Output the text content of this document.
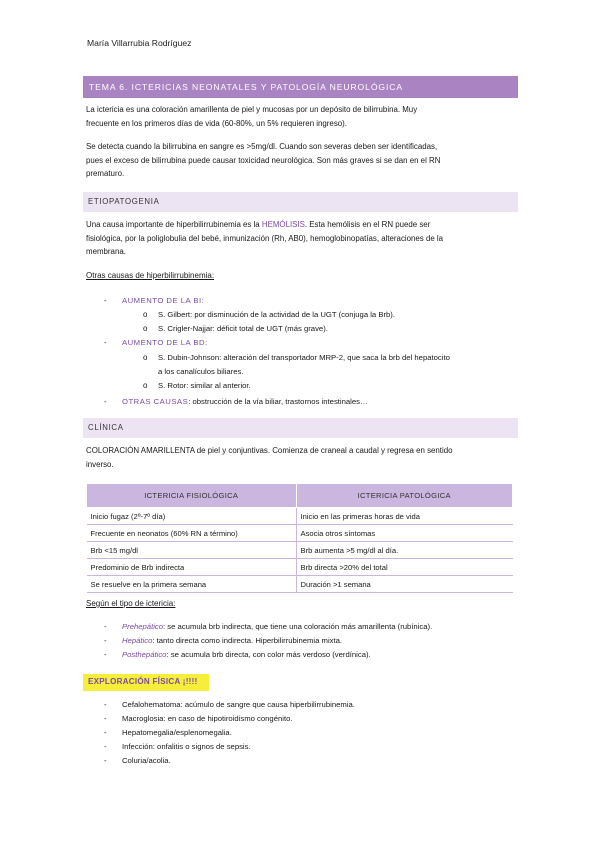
María Villarrubia Rodríguez
TEMA 6. ICTERICIAS NEONATALES Y PATOLOGÍA NEUROLÓGICA
La ictericia es una coloración amarillenta de piel y mucosas por un depósito de bilirrubina. Muy
frecuente en los primeros días de vida (60-80%, un 5% requieren ingreso).
Se detecta cuando la bilirrubina en sangre es >5mg/dl. Cuando son severas deben ser identificadas,
pues el exceso de bilirrubina puede causar toxicidad neurológica. Son más graves si se dan en el RN
prematuro.
ETIOPATOGENIA
Una causa importante de hiperbilirrubinemia es la HEMÓLISIS. Esta hemólisis en el RN puede ser
fisiológica, por la poliglobulia del bebé, inmunización (Rh, AB0), hemoglobinopatías, alteraciones de la
membrana.
Otras causas de hiperbilirrubinemia:
- AUMENTO DE LA BI:
o S. Gilbert: por disminución de la actividad de la UGT (conjuga la Brb).
o S. Crigler-Najjar: déficit total de UGT (más grave).
- AUMENTO DE LA BD:
o S. Dubin-Johnson: alteración del transportador MRP-2, que saca la brb del hepatocito
a los canalículos biliares.
o S. Rotor: similar al anterior.
- OTRAS CAUSAS: obstrucción de la vía biliar, trastornos intestinales…
CLÍNICA
COLORACIÓN AMARILLENTA de piel y conjuntivas. Comienza de craneal a caudal y regresa en sentido
inverso.
ICTERICIA FISIOLÓGICA	ICTERICIA PATOLÓGICA
Inicio fugaz (2º-7º día)	Inicio en las primeras horas de vida
Frecuente en neonatos (60% RN a término)	Asocia otros síntomas
Brb <15 mg/dl	Brb aumenta >5 mg/dl al día.
Predominio de Brb indirecta	Brb directa >20% del total
Se resuelve en la primera semana	Duración >1 semana
Según el tipo de ictericia:
- Prehepático: se acumula brb indirecta, que tiene una coloración más amarillenta (rubínica).
- Hepático: tanto directa como indirecta. Hiperbilirrubinemia mixta.
- Posthepático: se acumula brb directa, con color más verdoso (verdínica).
EXPLORACIÓN FÍSICA ¡!!!!
- Cefalohematoma: acúmulo de sangre que causa hiperbilirrubinemia.
- Macroglosia: en caso de hipotiroidismo congénito.
- Hepatomegalia/esplenomegalia.
- Infección: onfalitis o signos de sepsis.
- Coluria/acolia.
